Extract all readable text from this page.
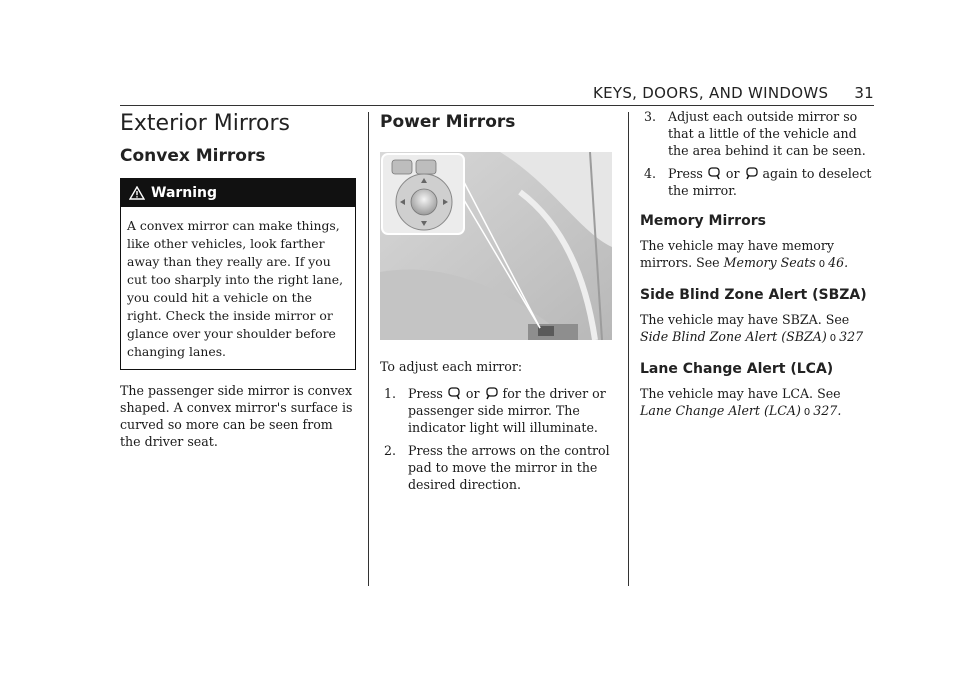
KEYS, DOORS, AND WINDOWS 31
Exterior Mirrors
Convex Mirrors
Warning

A convex mirror can make things, like other vehicles, look farther away than they really are. If you cut too sharply into the right lane, you could hit a vehicle on the right. Check the inside mirror or glance over your shoulder before changing lanes.

The passenger side mirror is convex shaped. A convex mirror's surface is curved so more can be seen from the driver seat.

Power Mirrors

To adjust each mirror:

1. Press or for the driver or passenger side mirror. The indicator light will illuminate.
2. Press the arrows on the control pad to move the mirror in the desired direction.
3. Adjust each outside mirror so that a little of the vehicle and the area behind it can be seen.
4. Press or again to deselect the mirror.
Memory Mirrors

The vehicle may have memory mirrors. See Memory Seats 0 46.

Side Blind Zone Alert (SBZA)

The vehicle may have SBZA. See Side Blind Zone Alert (SBZA) 0 327

Lane Change Alert (LCA)

The vehicle may have LCA. See Lane Change Alert (LCA) 0 327.
